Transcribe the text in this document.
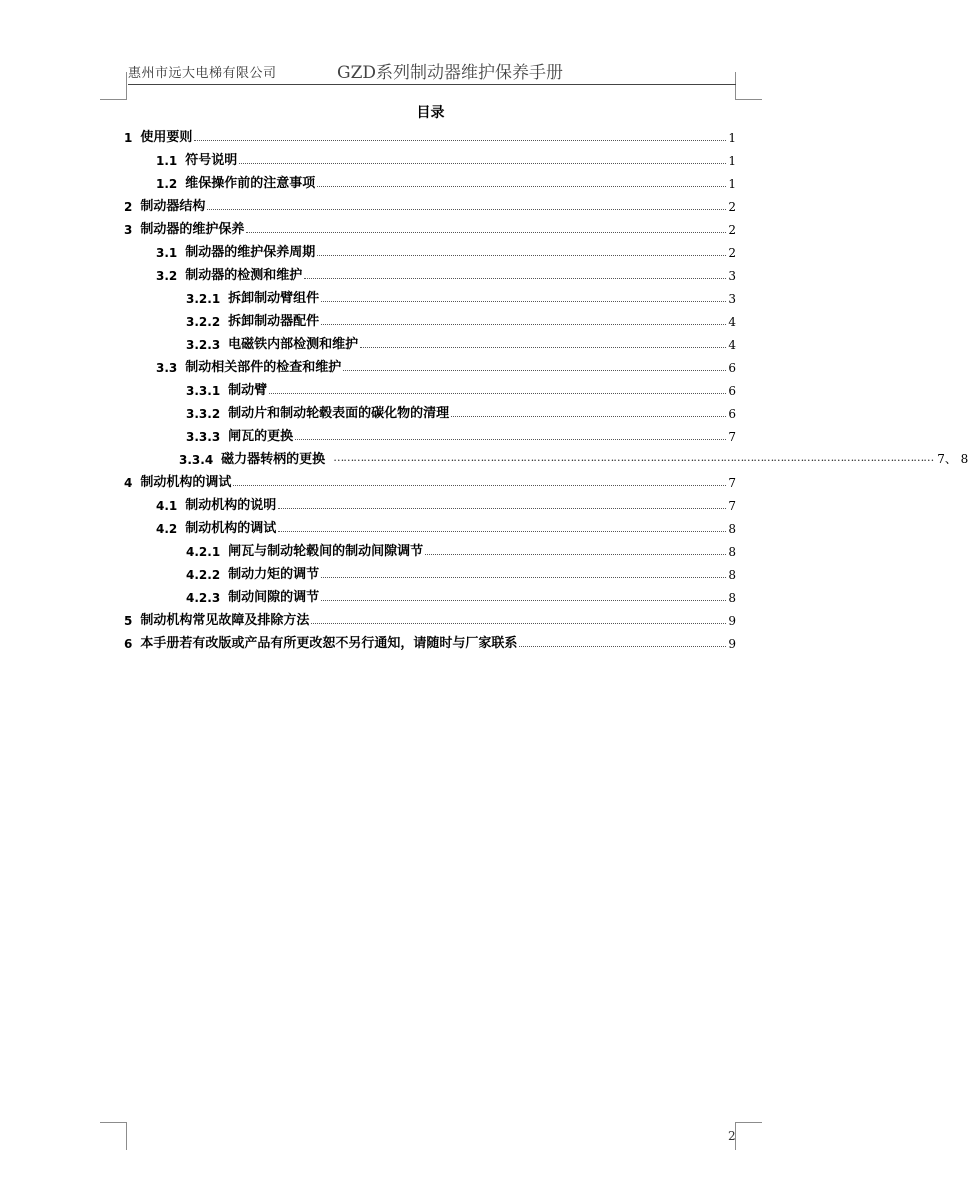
惠州市远大电梯有限公司	GZD系列制动器维护保养手册
目录
1 使用要则	1
1.1 符号说明	1
1.2 维保操作前的注意事项	1
2 制动器结构	2
3 制动器的维护保养	2
3.1 制动器的维护保养周期	2
3.2 制动器的检测和维护	3
3.2.1 拆卸制动臂组件	3
3.2.2 拆卸制动器配件	4
3.2.3 电磁铁内部检测和维护	4
3.3 制动相关部件的检查和维护	6
3.3.1 制动臂	6
3.3.2 制动片和制动轮毂表面的碳化物的清理	6
3.3.3 闸瓦的更换	7
3.3.4 磁力器转柄的更换 ……………………………………………………………………………………………………………………………………………………………… 7、 8
4 制动机构的调试	7
4.1 制动机构的说明	7
4.2 制动机构的调试	8
4.2.1 闸瓦与制动轮毂间的制动间隙调节	8
4.2.2 制动力矩的调节	8
4.2.3 制动间隙的调节	8
5 制动机构常见故障及排除方法	9
6 本手册若有改版或产品有所更改恕不另行通知，请随时与厂家联系	9
2
